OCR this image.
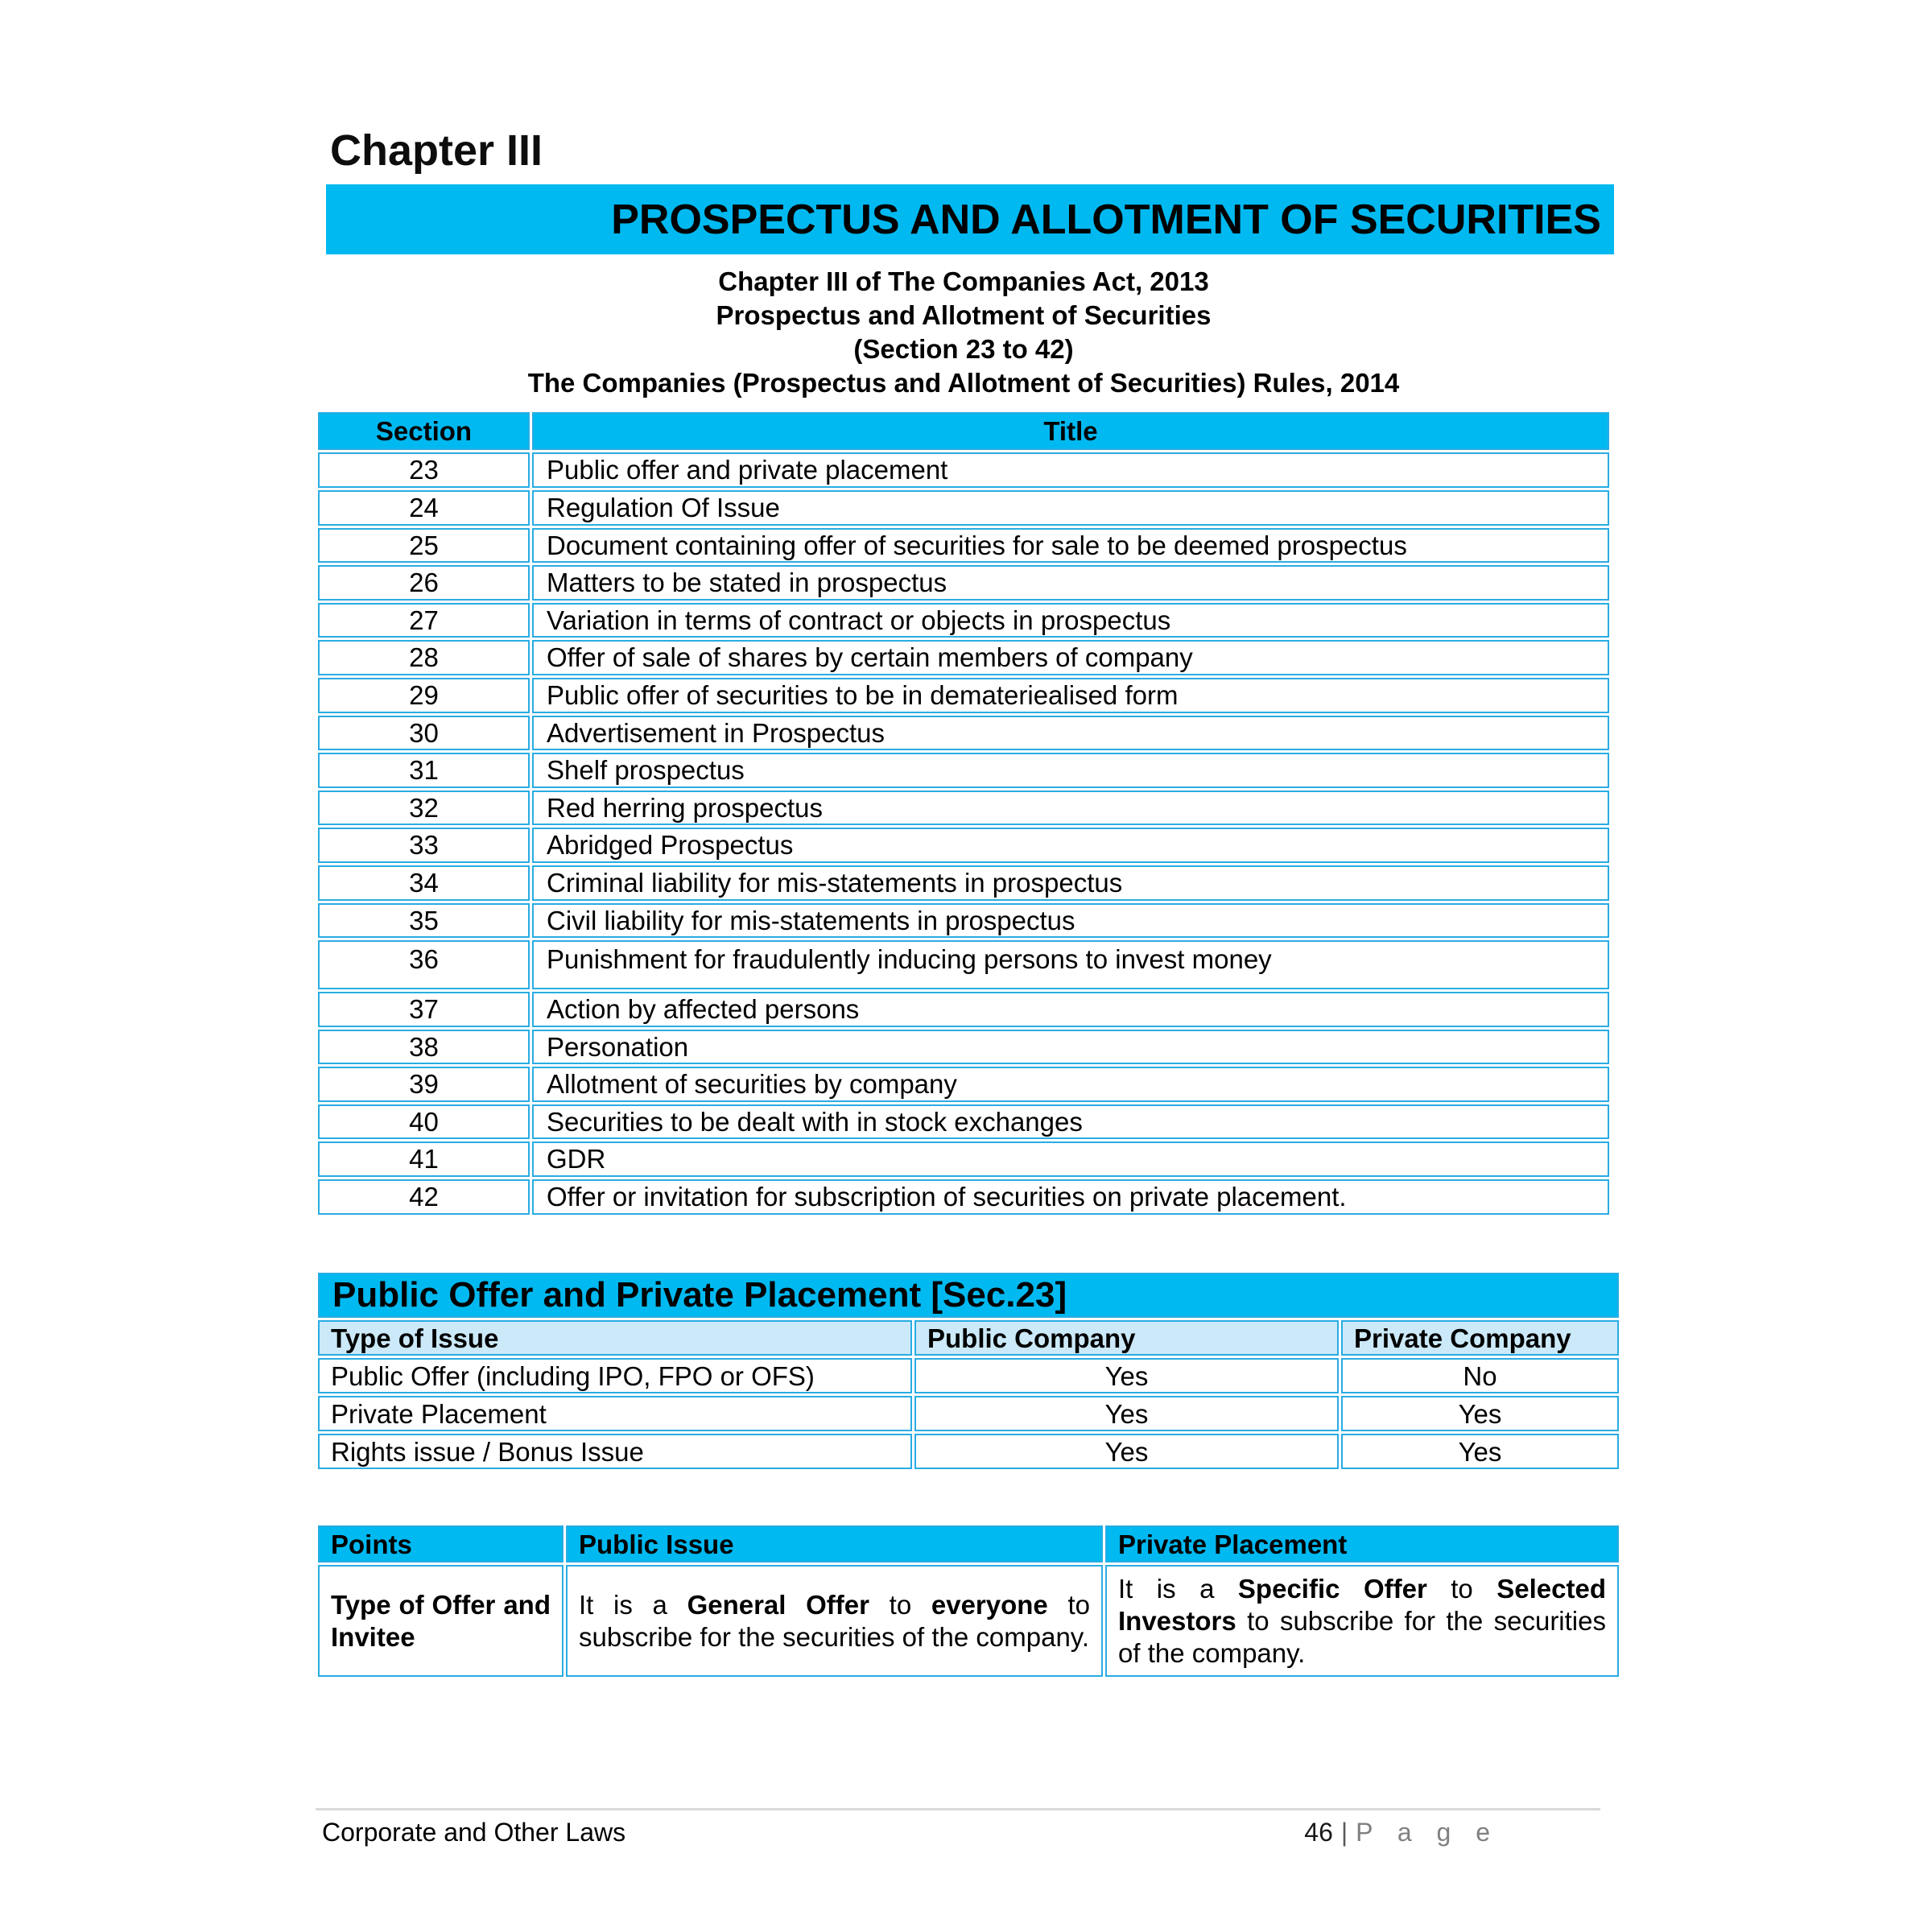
Chapter III
PROSPECTUS AND ALLOTMENT OF SECURITIES
Chapter III of The Companies Act, 2013
Prospectus and Allotment of Securities
(Section 23 to 42)
The Companies (Prospectus and Allotment of Securities) Rules, 2014
Section	Title
23	Public offer and private placement
24	Regulation Of Issue
25	Document containing offer of securities for sale to be deemed prospectus
26	Matters to be stated in prospectus
27	Variation in terms of contract or objects in prospectus
28	Offer of sale of shares by certain members of company
29	Public offer of securities to be in demateriealised form
30	Advertisement in Prospectus
31	Shelf prospectus
32	Red herring prospectus
33	Abridged Prospectus
34	Criminal liability for mis-statements in prospectus
35	Civil liability for mis-statements in prospectus
36	Punishment for fraudulently inducing persons to invest money
37	Action by affected persons
38	Personation
39	Allotment of securities by company
40	Securities to be dealt with in stock exchanges
41	GDR
42	Offer or invitation for subscription of securities on private placement.
Public Offer and Private Placement [Sec.23]		
Type of Issue	Public Company	Private Company
Public Offer (including IPO, FPO or OFS)	Yes	No
Private Placement	Yes	Yes
Rights issue / Bonus Issue	Yes	Yes
Points	Public Issue	Private Placement
Type of Offer and Invitee	It is a General Offer to everyone to subscribe for the securities of the company.	It is a Specific Offer to Selected Investors to subscribe for the securities of the company.
Corporate and Other Laws	46 | P a g e
